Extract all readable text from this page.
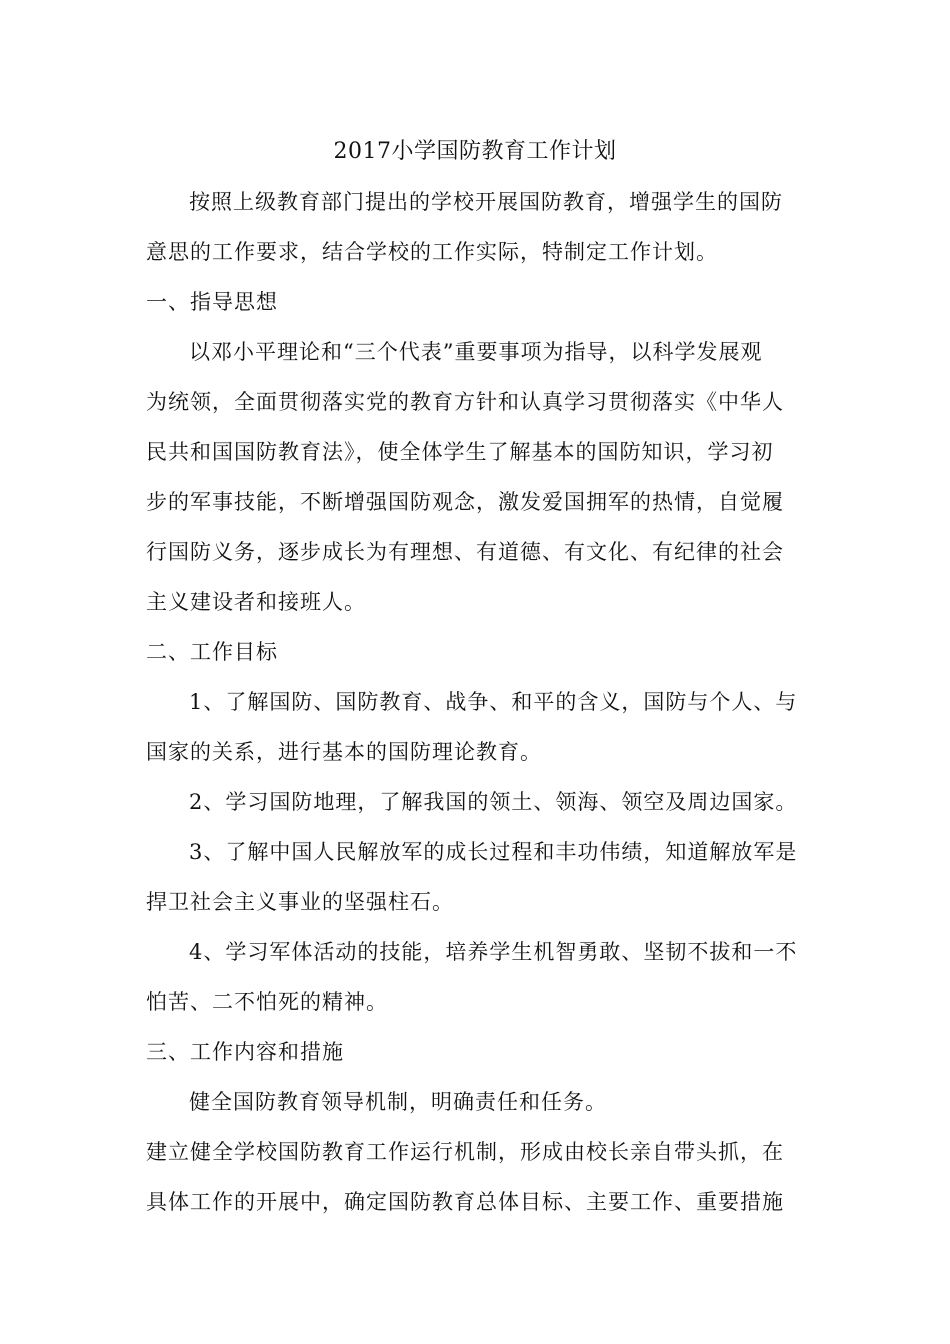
2017小学国防教育工作计划
按照上级教育部门提出的学校开展国防教育，增强学生的国防
意思的工作要求，结合学校的工作实际，特制定工作计划。
一、指导思想
以邓小平理论和“三个代表”重要事项为指导，以科学发展观
为统领，全面贯彻落实党的教育方针和认真学习贯彻落实《中华人
民共和国国防教育法》，使全体学生了解基本的国防知识，学习初
步的军事技能，不断增强国防观念，激发爱国拥军的热情，自觉履
行国防义务，逐步成长为有理想、有道德、有文化、有纪律的社会
主义建设者和接班人。
二、工作目标
1、了解国防、国防教育、战争、和平的含义，国防与个人、与
国家的关系，进行基本的国防理论教育。
2、学习国防地理，了解我国的领土、领海、领空及周边国家。
3、了解中国人民解放军的成长过程和丰功伟绩，知道解放军是
捍卫社会主义事业的坚强柱石。
4、学习军体活动的技能，培养学生机智勇敢、坚韧不拔和一不
怕苦、二不怕死的精神。
三、工作内容和措施
健全国防教育领导机制，明确责任和任务。
建立健全学校国防教育工作运行机制，形成由校长亲自带头抓，在
具体工作的开展中，确定国防教育总体目标、主要工作、重要措施
